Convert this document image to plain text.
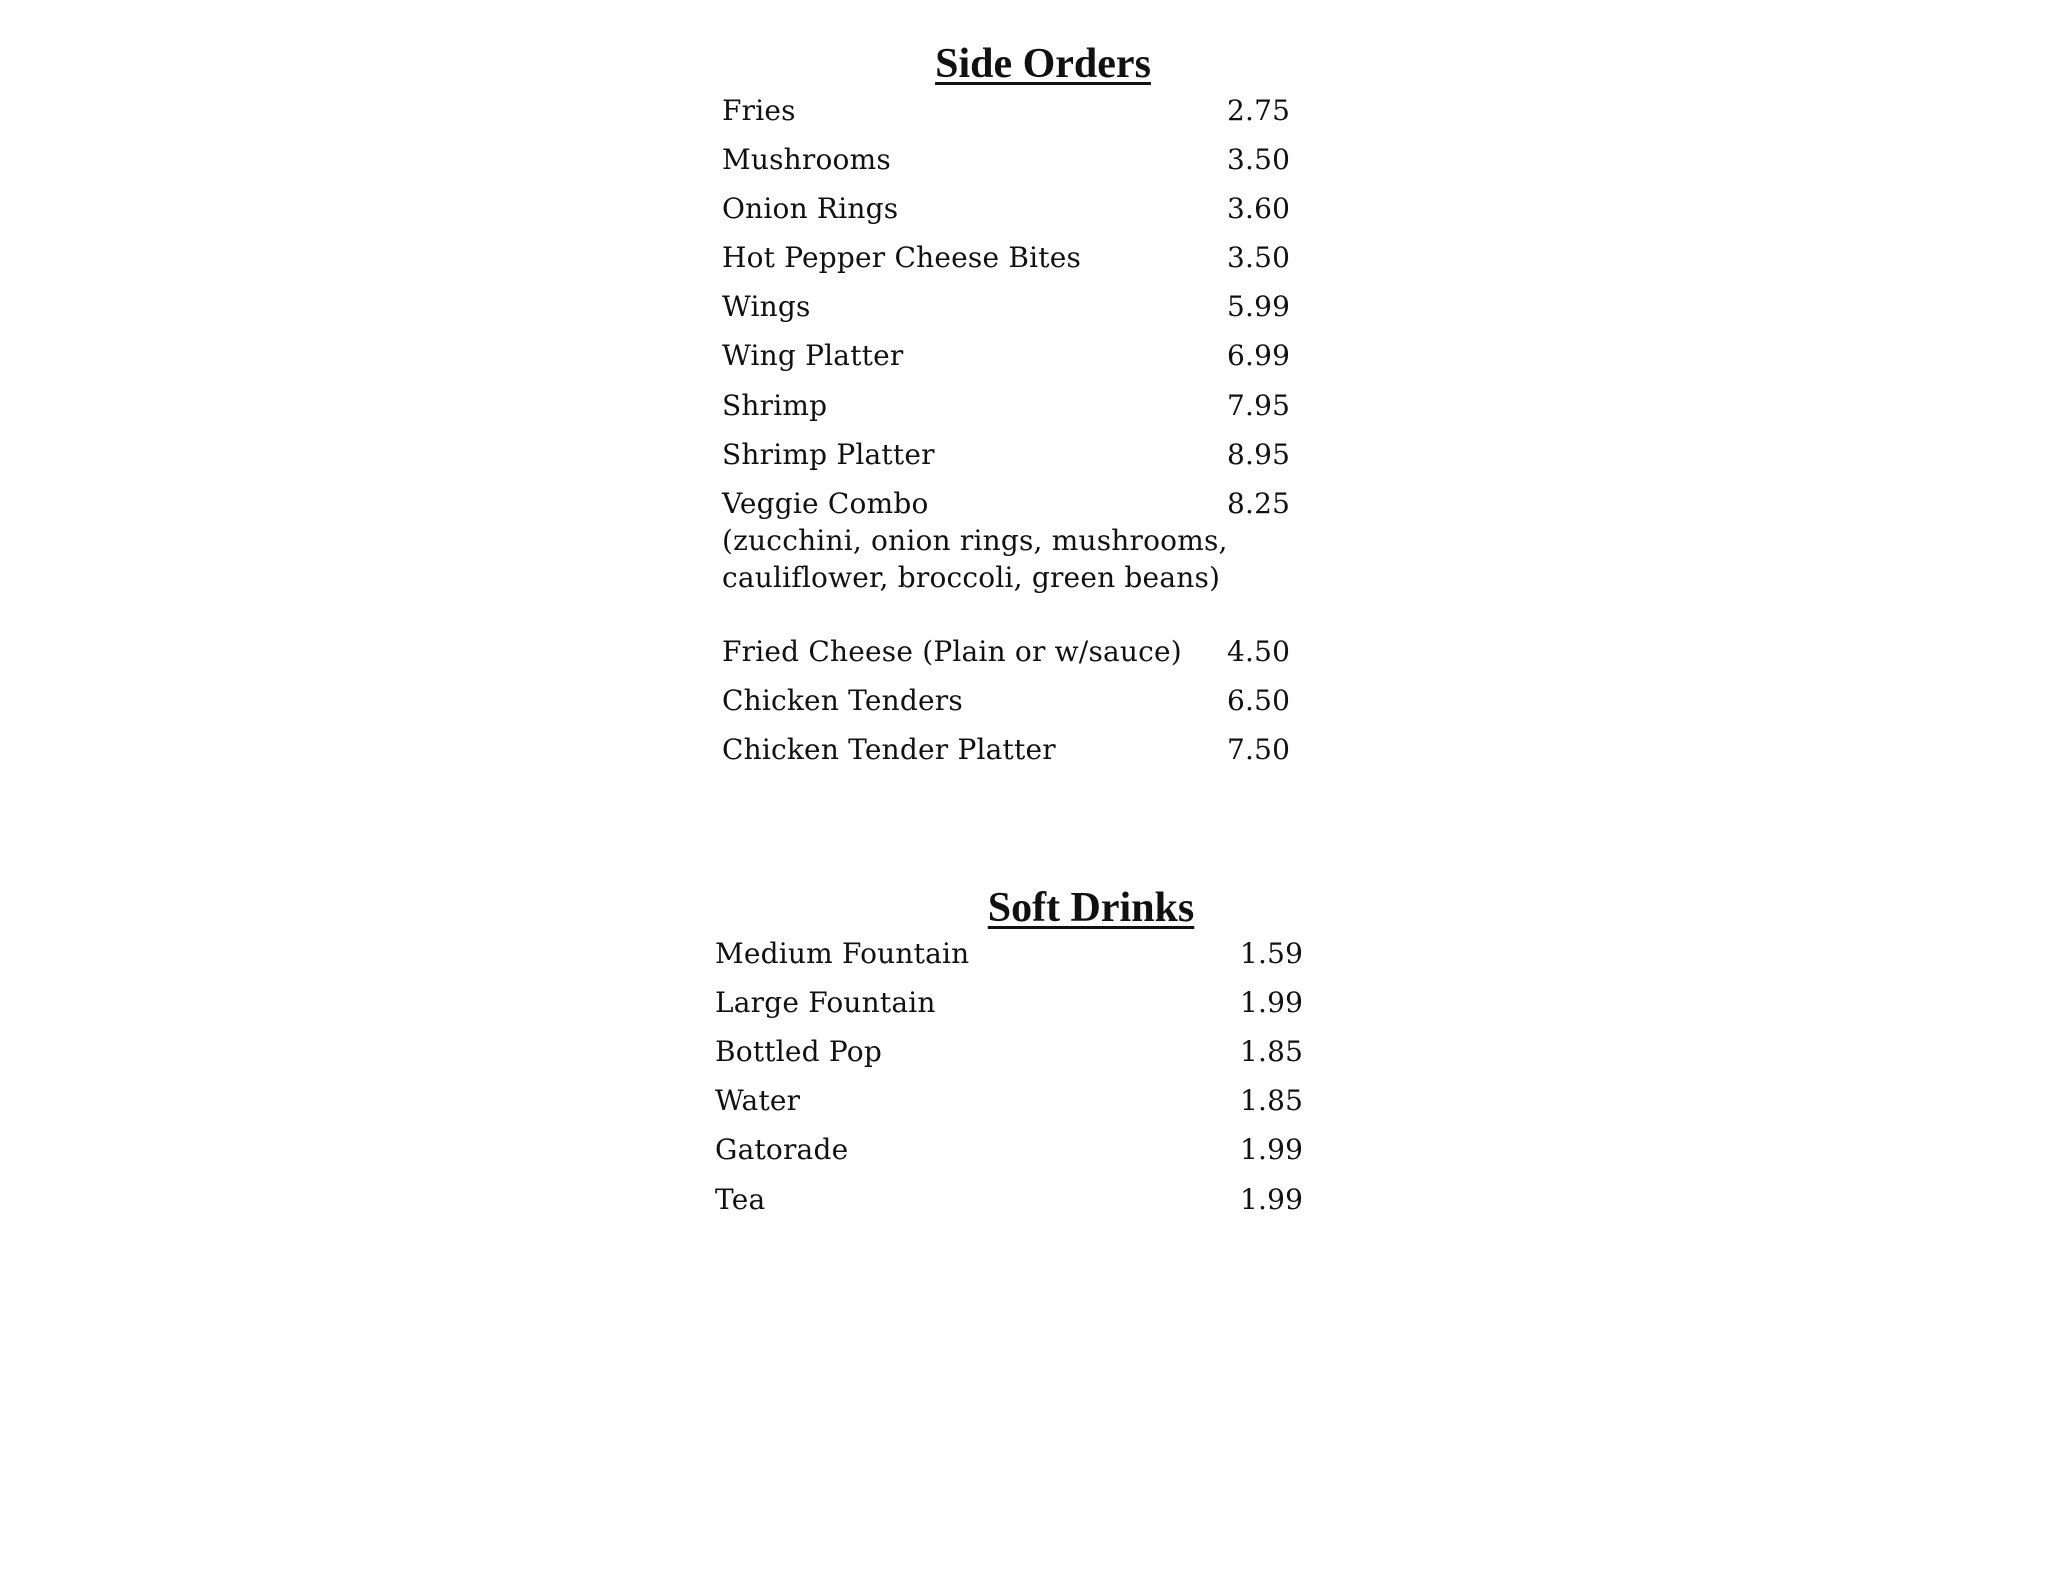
Side Orders
Fries	2.75
Mushrooms	3.50
Onion Rings	3.60
Hot Pepper Cheese Bites	3.50
Wings	5.99
Wing Platter	6.99
Shrimp	7.95
Shrimp Platter	8.95
Veggie Combo	8.25
(zucchini, onion rings, mushrooms,
cauliflower, broccoli, green beans)
Fried Cheese (Plain or w/sauce) 4.50
Chicken Tenders	6.50
Chicken Tender Platter	7.50
Soft Drinks
Medium Fountain	1.59
Large Fountain	1.99
Bottled Pop	1.85
Water	1.85
Gatorade	1.99
Tea	1.99
